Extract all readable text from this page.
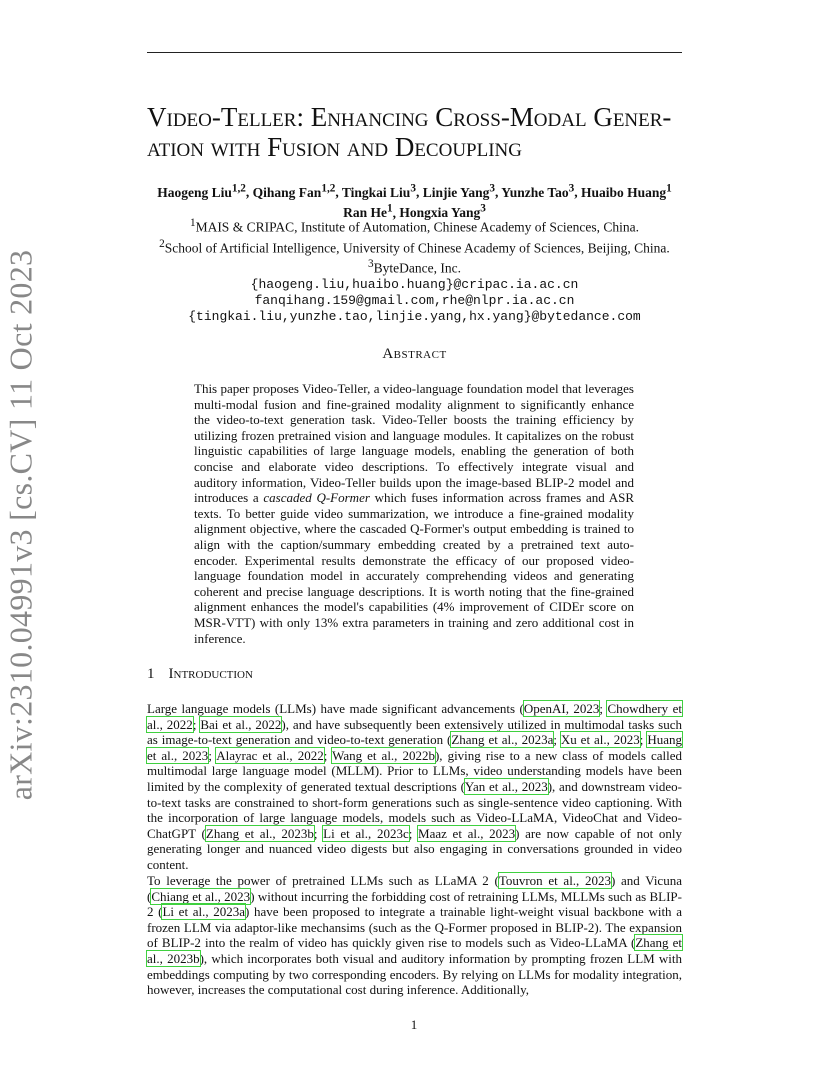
arXiv:2310.04991v3 [cs.CV] 11 Oct 2023
Video-Teller: Enhancing Cross-Modal Gener-
ation with Fusion and Decoupling
Haogeng Liu$^{1,2}$, Qihang Fan$^{1,2}$, Tingkai Liu$^3$, Linjie Yang$^3$, Yunzhe Tao$^3$, Huaibo Huang$^1$
Ran He$^1$, Hongxia Yang$^3$
$^1$MAIS & CRIPAC, Institute of Automation, Chinese Academy of Sciences, China.
$^2$School of Artificial Intelligence, University of Chinese Academy of Sciences, Beijing, China.
$^3$ByteDance, Inc.
{haogeng.liu,huaibo.huang}@cripac.ia.ac.cn
fanqihang.159@gmail.com,rhe@nlpr.ia.ac.cn
{tingkai.liu,yunzhe.tao,linjie.yang,hx.yang}@bytedance.com
Abstract

This paper proposes Video-Teller, a video-language foundation model that leverages multi-modal fusion and fine-grained modality alignment to significantly enhance the video-to-text generation task. Video-Teller boosts the training efficiency by utilizing frozen pretrained vision and language modules. It capitalizes on the robust linguistic capabilities of large language models, enabling the generation of both concise and elaborate video descriptions. To effectively integrate visual and auditory information, Video-Teller builds upon the image-based BLIP-2 model and introduces a cascaded Q-Former which fuses information across frames and ASR texts. To better guide video summarization, we introduce a fine-grained modality alignment objective, where the cascaded Q-Former's output embedding is trained to align with the caption/summary embedding created by a pretrained text auto-encoder. Experimental results demonstrate the efficacy of our proposed video-language foundation model in accurately comprehending videos and generating coherent and precise language descriptions. It is worth noting that the fine-grained alignment enhances the model's capabilities (4% improvement of CIDEr score on MSR-VTT) with only 13% extra parameters in training and zero additional cost in inference.

1 Introduction

Large language models (LLMs) have made significant advancements (OpenAI, 2023; Chowdhery et al., 2022; Bai et al., 2022), and have subsequently been extensively utilized in multimodal tasks such as image-to-text generation and video-to-text generation (Zhang et al., 2023a; Xu et al., 2023; Huang et al., 2023; Alayrac et al., 2022; Wang et al., 2022b), giving rise to a new class of models called multimodal large language model (MLLM). Prior to LLMs, video understanding models have been limited by the complexity of generated textual descriptions (Yan et al., 2023), and downstream video-to-text tasks are constrained to short-form generations such as single-sentence video captioning. With the incorporation of large language models, models such as Video-LLaMA, VideoChat and Video-ChatGPT (Zhang et al., 2023b; Li et al., 2023c; Maaz et al., 2023) are now capable of not only generating longer and nuanced video digests but also engaging in conversations grounded in video content.

To leverage the power of pretrained LLMs such as LLaMA 2 (Touvron et al., 2023) and Vicuna (Chiang et al., 2023) without incurring the forbidding cost of retraining LLMs, MLLMs such as BLIP-2 (Li et al., 2023a) have been proposed to integrate a trainable light-weight visual backbone with a frozen LLM via adaptor-like mechansims (such as the Q-Former proposed in BLIP-2). The expansion of BLIP-2 into the realm of video has quickly given rise to models such as Video-LLaMA (Zhang et al., 2023b), which incorporates both visual and auditory information by prompting frozen LLM with embeddings computing by two corresponding encoders. By relying on LLMs for modality integration, however, increases the computational cost during inference. Additionally,

1
